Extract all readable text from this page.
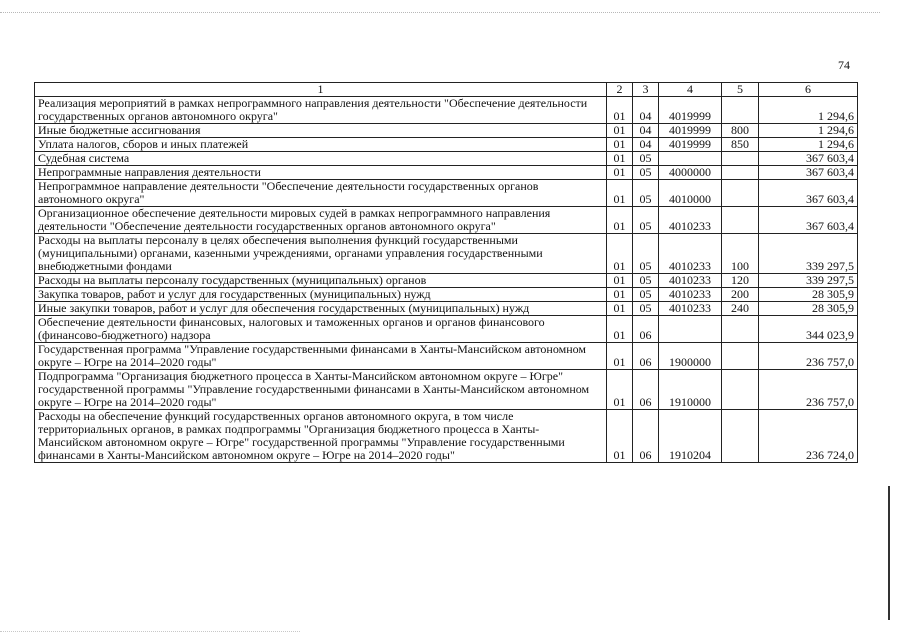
74
1	2	3	4	5	6
Реализация мероприятий в рамках непрограммного направления деятельности "Обеспечение деятельности государственных органов автономного округа"	01	04	4019999		1 294,6
Иные бюджетные ассигнования	01	04	4019999	800	1 294,6
Уплата налогов, сборов и иных платежей	01	04	4019999	850	1 294,6
Судебная система	01	05			367 603,4
Непрограммные направления деятельности	01	05	4000000		367 603,4
Непрограммное направление деятельности "Обеспечение деятельности государственных органов автономного округа"	01	05	4010000		367 603,4
Организационное обеспечение деятельности мировых судей в рамках непрограммного направления деятельности "Обеспечение деятельности государственных органов автономного округа"	01	05	4010233		367 603,4
Расходы на выплаты персоналу в целях обеспечения выполнения функций государственными (муниципальными) органами, казенными учреждениями, органами управления государственными внебюджетными фондами	01	05	4010233	100	339 297,5
Расходы на выплаты персоналу государственных (муниципальных) органов	01	05	4010233	120	339 297,5
Закупка товаров, работ и услуг для государственных (муниципальных) нужд	01	05	4010233	200	28 305,9
Иные закупки товаров, работ и услуг для обеспечения государственных (муниципальных) нужд	01	05	4010233	240	28 305,9
Обеспечение деятельности финансовых, налоговых и таможенных органов и органов финансового (финансово-бюджетного) надзора	01	06			344 023,9
Государственная программа "Управление государственными финансами в Ханты-Мансийском автономном округе – Югре на 2014–2020 годы"	01	06	1900000		236 757,0
Подпрограмма "Организация бюджетного процесса в Ханты-Мансийском автономном округе – Югре" государственной программы "Управление государственными финансами в Ханты-Мансийском автономном округе – Югре на 2014–2020 годы"	01	06	1910000		236 757,0
Расходы на обеспечение функций государственных органов автономного округа, в том числе территориальных органов, в рамках подпрограммы "Организация бюджетного процесса в Ханты-Мансийском автономном округе – Югре" государственной программы "Управление государственными финансами в Ханты-Мансийском автономном округе – Югре на 2014–2020 годы"	01	06	1910204		236 724,0
